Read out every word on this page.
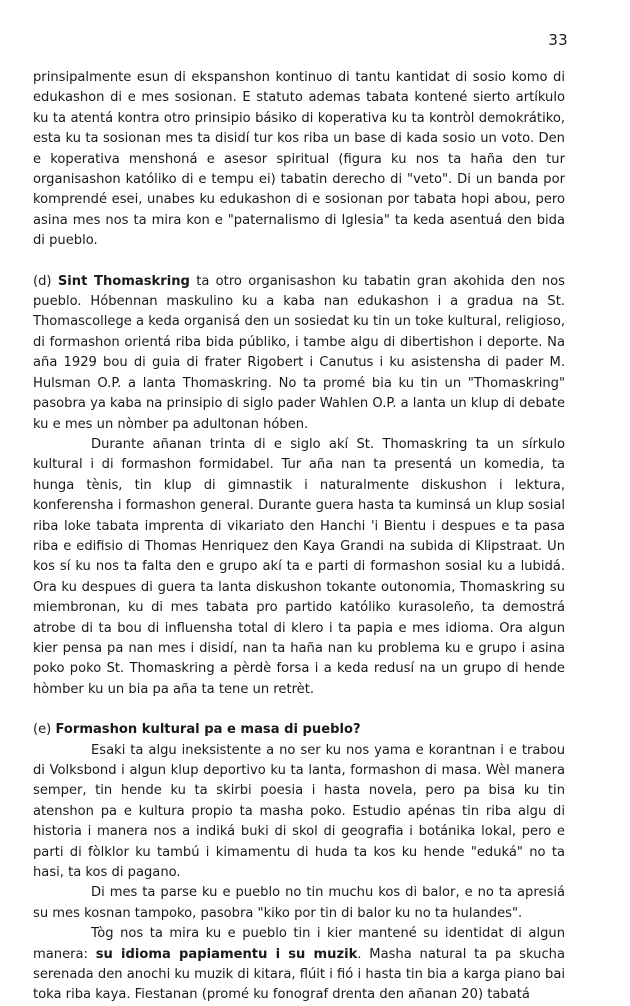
33

prinsipalmente esun di ekspanshon kontinuo di tantu kantidat di sosio komo di edukashon di e mes sosionan. E statuto ademas tabata kontené sierto artíkulo ku ta atentá kontra otro prinsipio básiko di koperativa ku ta kontròl demokrátiko, esta ku ta sosionan mes ta disidí tur kos riba un base di kada sosio un voto. Den e koperativa menshoná e asesor spiritual (figura ku nos ta haña den tur organisashon katóliko di e tempu ei) tabatin derecho di "veto". Di un banda por komprendé esei, unabes ku edukashon di e sosionan por tabata hopi abou, pero asina mes nos ta mira kon e "paternalismo di Iglesia" ta keda asentuá den bida di pueblo.

(d) Sint Thomaskring ta otro organisashon ku tabatin gran akohida den nos pueblo. Hóbennan maskulino ku a kaba nan edukashon i a gradua na St. Thomascollege a keda organisá den un sosiedat ku tin un toke kultural, religioso, di formashon orientá riba bida públiko, i tambe algu di dibertishon i deporte. Na aña 1929 bou di guia di frater Rigobert i Canutus i ku asistensha di pader M. Hulsman O.P. a lanta Thomaskring. No ta promé bia ku tin un "Thomaskring" pasobra ya kaba na prinsipio di siglo pader Wahlen O.P. a lanta un klup di debate ku e mes un nòmber pa adultonan hóben.

Durante añanan trinta di e siglo akí St. Thomaskring ta un sírkulo kultural i di formashon formidabel. Tur aña nan ta presentá un komedia, ta hunga tènis, tin klup di gimnastik i naturalmente diskushon i lektura, konferensha i formashon general. Durante guera hasta ta kuminsá un klup sosial riba loke tabata imprenta di vikariato den Hanchi 'i Bientu i despues e ta pasa riba e edifisio di Thomas Henriquez den Kaya Grandi na subida di Klipstraat. Un kos sí ku nos ta falta den e grupo akí ta e parti di formashon sosial ku a lubidá. Ora ku despues di guera ta lanta diskushon tokante outonomia, Thomaskring su miembronan, ku di mes tabata pro partido katóliko kurasoleño, ta demostrá atrobe di ta bou di influensha total di klero i ta papia e mes idioma. Ora algun kier pensa pa nan mes i disidí, nan ta haña nan ku problema ku e grupo i asina poko poko St. Thomaskring a pèrdè forsa i a keda redusí na un grupo di hende hòmber ku un bia pa aña ta tene un retrèt.

(e) Formashon kultural pa e masa di pueblo?

Esaki ta algu ineksistente a no ser ku nos yama e korantnan i e trabou di Volksbond i algun klup deportivo ku ta lanta, formashon di masa. Wèl manera semper, tin hende ku ta skirbi poesia i hasta novela, pero pa bisa ku tin atenshon pa e kultura propio ta masha poko. Estudio apénas tin riba algu di historia i manera nos a indiká buki di skol di geografia i botánika lokal, pero e parti di fòlklor ku tambú i kimamentu di huda ta kos ku hende "eduká" no ta hasi, ta kos di pagano.

Di mes ta parse ku e pueblo no tin muchu kos di balor, e no ta apresiá su mes kosnan tampoko, pasobra "kiko por tin di balor ku no ta hulandes".

Tòg nos ta mira ku e pueblo tin i kier mantené su identidat di algun manera: su idioma papiamentu i su muzik. Masha natural ta pa skucha serenada den anochi ku muzik di kitara, flúit i fió i hasta tin bia a karga piano bai toka riba kaya. Fiestanan (promé ku fonograf drenta den añanan 20) tabatá
